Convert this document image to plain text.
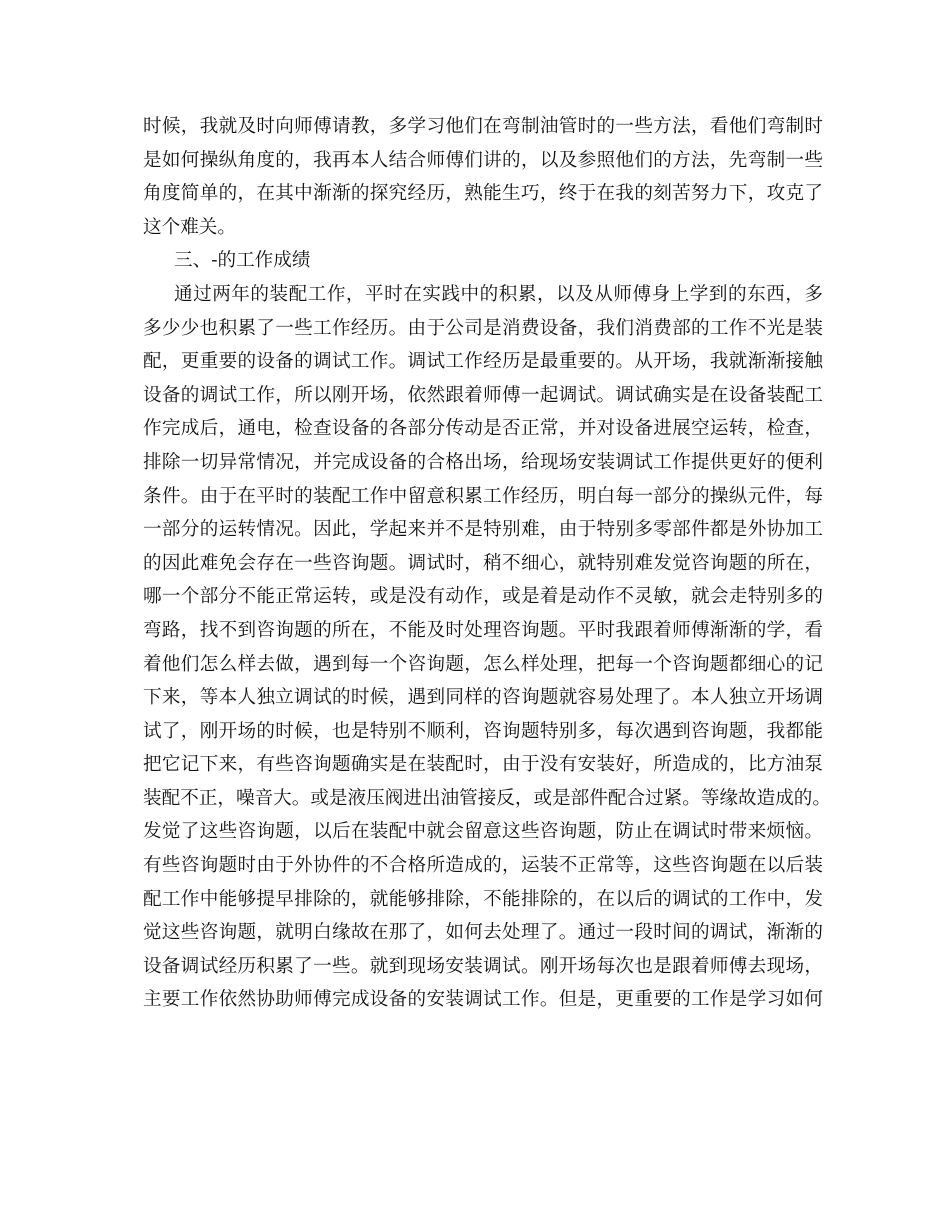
时候，我就及时向师傅请教，多学习他们在弯制油管时的一些方法，看他们弯制时
是如何操纵角度的，我再本人结合师傅们讲的，以及参照他们的方法，先弯制一些
角度简单的，在其中渐渐的探究经历，熟能生巧，终于在我的刻苦努力下，攻克了
这个难关。
三、-的工作成绩
通过两年的装配工作，平时在实践中的积累，以及从师傅身上学到的东西，多
多少少也积累了一些工作经历。由于公司是消费设备，我们消费部的工作不光是装
配，更重要的设备的调试工作。调试工作经历是最重要的。从开场，我就渐渐接触
设备的调试工作，所以刚开场，依然跟着师傅一起调试。调试确实是在设备装配工
作完成后，通电，检查设备的各部分传动是否正常，并对设备进展空运转，检查，
排除一切异常情况，并完成设备的合格出场，给现场安装调试工作提供更好的便利
条件。由于在平时的装配工作中留意积累工作经历，明白每一部分的操纵元件，每
一部分的运转情况。因此，学起来并不是特别难，由于特别多零部件都是外协加工
的因此难免会存在一些咨询题。调试时，稍不细心，就特别难发觉咨询题的所在，
哪一个部分不能正常运转，或是没有动作，或是着是动作不灵敏，就会走特别多的
弯路，找不到咨询题的所在，不能及时处理咨询题。平时我跟着师傅渐渐的学，看
着他们怎么样去做，遇到每一个咨询题，怎么样处理，把每一个咨询题都细心的记
下来，等本人独立调试的时候，遇到同样的咨询题就容易处理了。本人独立开场调
试了，刚开场的时候，也是特别不顺利，咨询题特别多，每次遇到咨询题，我都能
把它记下来，有些咨询题确实是在装配时，由于没有安装好，所造成的，比方油泵
装配不正，噪音大。或是液压阀进出油管接反，或是部件配合过紧。等缘故造成的。
发觉了这些咨询题，以后在装配中就会留意这些咨询题，防止在调试时带来烦恼。
有些咨询题时由于外协件的不合格所造成的，运装不正常等，这些咨询题在以后装
配工作中能够提早排除的，就能够排除，不能排除的，在以后的调试的工作中，发
觉这些咨询题，就明白缘故在那了，如何去处理了。通过一段时间的调试，渐渐的
设备调试经历积累了一些。就到现场安装调试。刚开场每次也是跟着师傅去现场，
主要工作依然协助师傅完成设备的安装调试工作。但是，更重要的工作是学习如何
